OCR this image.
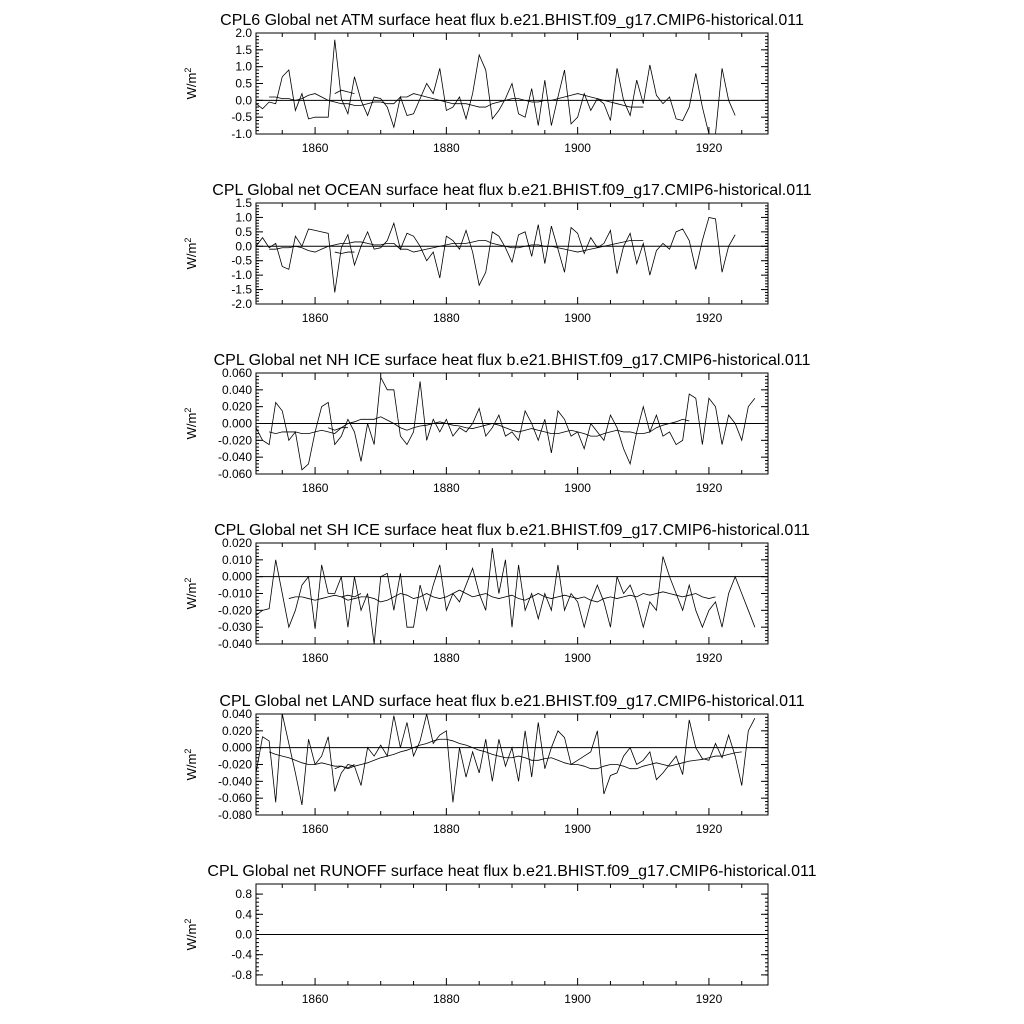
CPL6 Global net ATM surface heat flux b.e21.BHIST.f09_g17.CMIP6-historical.011
2.0
1.5
1.0
0.5
0.0
-0.5
-1.0
1860	1880	1900	1920
$W/m^2$
CPL Global net OCEAN surface heat flux b.e21.BHIST.f09_g17.CMIP6-historical.011
1.5
1.0
0.5
0.0
-0.5
-1.0
-1.5
-2.0
1860	1880	1900	1920
$W/m^2$
CPL Global net NH ICE surface heat flux b.e21.BHIST.f09_g17.CMIP6-historical.011
0.060
0.040
0.020
0.000
-0.020
-0.040
-0.060
1860	1880	1900	1920
$W/m^2$
CPL Global net SH ICE surface heat flux b.e21.BHIST.f09_g17.CMIP6-historical.011
0.020
0.010
0.000
-0.010
-0.020
-0.030
-0.040
1860	1880	1900	1920
$W/m^2$
CPL Global net LAND surface heat flux b.e21.BHIST.f09_g17.CMIP6-historical.011
0.040
0.020
0.000
-0.020
-0.040
-0.060
-0.080
1860	1880	1900	1920
$W/m^2$
CPL Global net RUNOFF surface heat flux b.e21.BHIST.f09_g17.CMIP6-historical.011
0.8
0.4
0.0
-0.4
-0.8
1860	1880	1900	1920
$W/m^2$
